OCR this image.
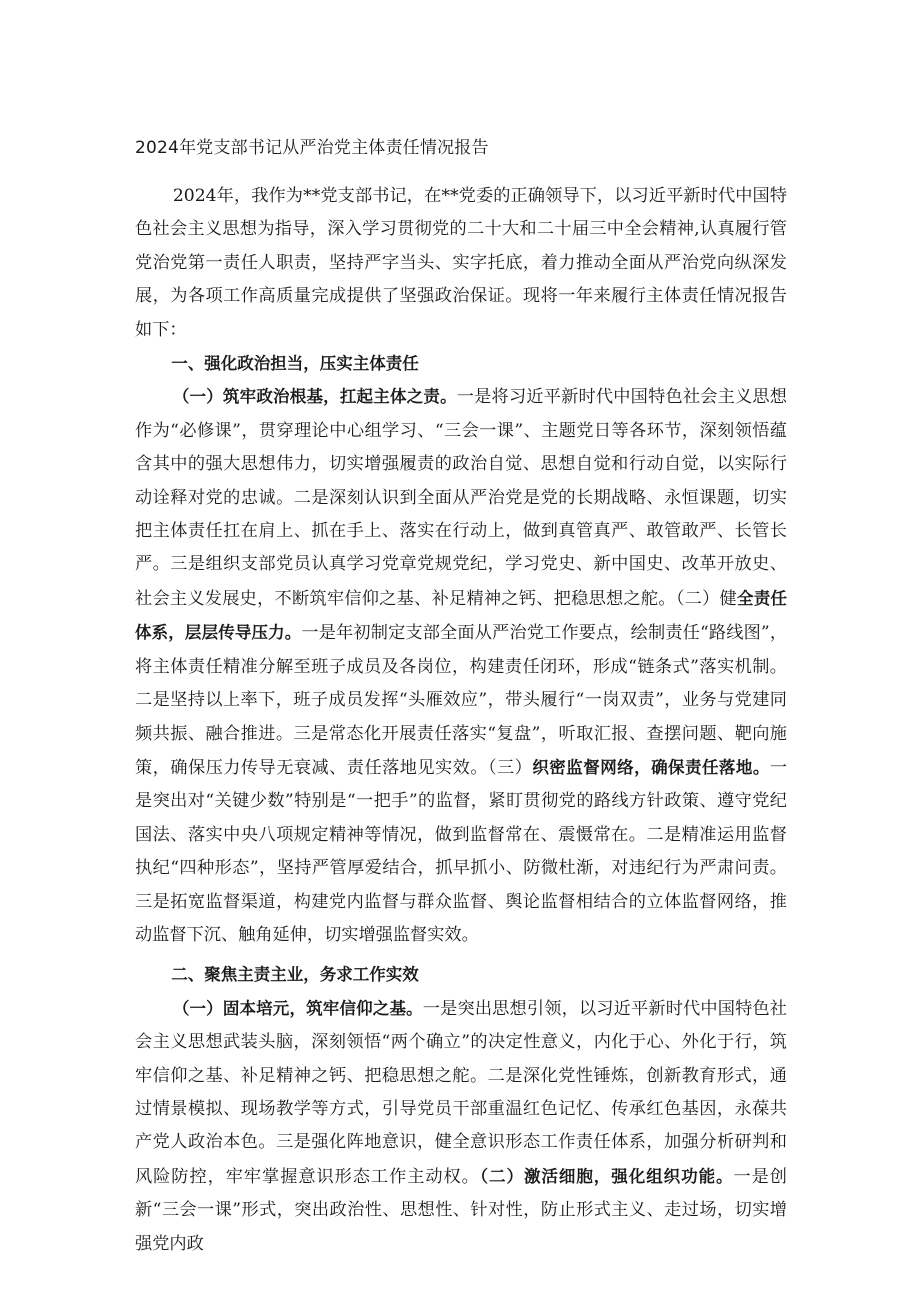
2024年党支部书记从严治党主体责任情况报告

2024年，我作为**党支部书记，在**党委的正确领导下，以习近平新时代中国特色社会主义思想为指导，深入学习贯彻党的二十大和二十届三中全会精神,认真履行管党治党第一责任人职责，坚持严字当头、实字托底，着力推动全面从严治党向纵深发展，为各项工作高质量完成提供了坚强政治保证。现将一年来履行主体责任情况报告如下：

一、强化政治担当，压实主体责任

（一）筑牢政治根基，扛起主体之责。一是将习近平新时代中国特色社会主义思想作为“必修课”，贯穿理论中心组学习、“三会一课”、主题党日等各环节，深刻领悟蕴含其中的强大思想伟力，切实增强履责的政治自觉、思想自觉和行动自觉，以实际行动诠释对党的忠诚。二是深刻认识到全面从严治党是党的长期战略、永恒课题，切实把主体责任扛在肩上、抓在手上、落实在行动上，做到真管真严、敢管敢严、长管长严。三是组织支部党员认真学习党章党规党纪，学习党史、新中国史、改革开放史、社会主义发展史，不断筑牢信仰之基、补足精神之钙、把稳思想之舵。（二）健全责任体系，层层传导压力。一是年初制定支部全面从严治党工作要点，绘制责任“路线图”，将主体责任精准分解至班子成员及各岗位，构建责任闭环，形成“链条式”落实机制。二是坚持以上率下，班子成员发挥“头雁效应”，带头履行“一岗双责”，业务与党建同频共振、融合推进。三是常态化开展责任落实“复盘”，听取汇报、查摆问题、靶向施策，确保压力传导无衰减、责任落地见实效。（三）织密监督网络，确保责任落地。一是突出对“关键少数”特别是“一把手”的监督，紧盯贯彻党的路线方针政策、遵守党纪国法、落实中央八项规定精神等情况，做到监督常在、震慑常在。二是精准运用监督执纪“四种形态”，坚持严管厚爱结合，抓早抓小、防微杜渐，对违纪行为严肃问责。三是拓宽监督渠道，构建党内监督与群众监督、舆论监督相结合的立体监督网络，推动监督下沉、触角延伸，切实增强监督实效。

二、聚焦主责主业，务求工作实效

（一）固本培元，筑牢信仰之基。一是突出思想引领，以习近平新时代中国特色社会主义思想武装头脑，深刻领悟“两个确立”的决定性意义，内化于心、外化于行，筑牢信仰之基、补足精神之钙、把稳思想之舵。二是深化党性锤炼，创新教育形式，通过情景模拟、现场教学等方式，引导党员干部重温红色记忆、传承红色基因，永葆共产党人政治本色。三是强化阵地意识，健全意识形态工作责任体系，加强分析研判和风险防控，牢牢掌握意识形态工作主动权。（二）激活细胞，强化组织功能。一是创新“三会一课”形式，突出政治性、思想性、针对性，防止形式主义、走过场，切实增强党内政
